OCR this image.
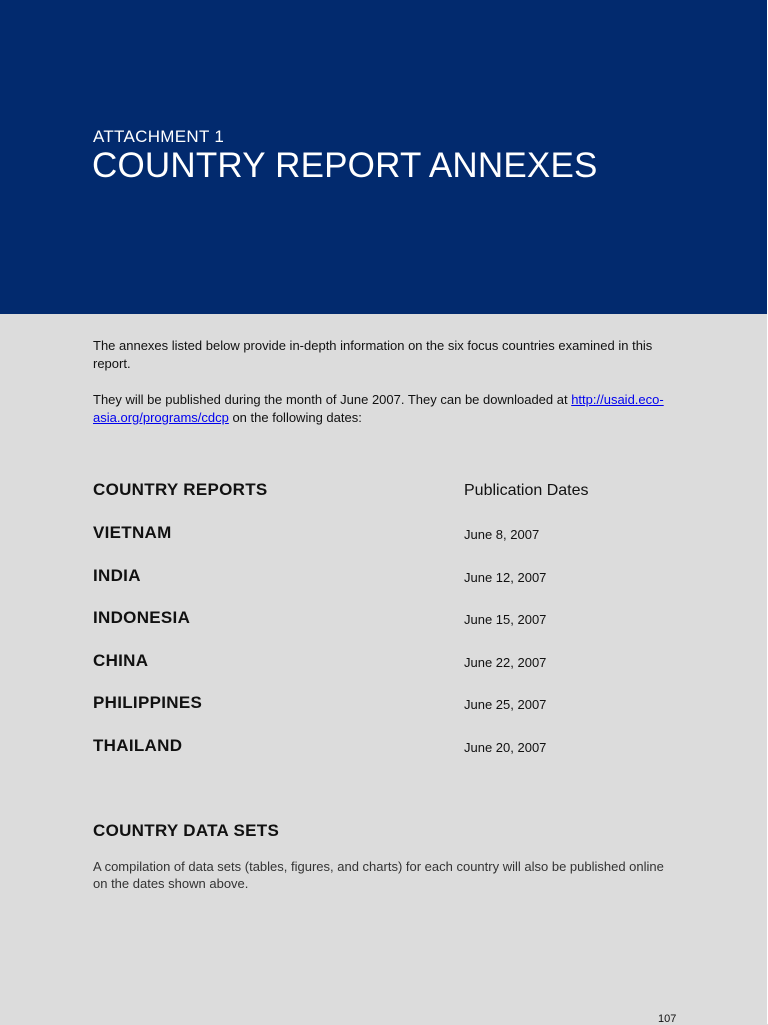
ATTACHMENT 1
COUNTRY REPORT ANNEXES

The annexes listed below provide in-depth information on the six focus countries examined in this report.

They will be published during the month of June 2007. They can be downloaded at http://usaid.eco-asia.org/programs/cdcp on the following dates:

COUNTRY REPORTS	Publication Dates
VIETNAM	June 8, 2007
INDIA	June 12, 2007
INDONESIA	June 15, 2007
CHINA	June 22, 2007
PHILIPPINES	June 25, 2007
THAILAND	June 20, 2007
COUNTRY DATA SETS

A compilation of data sets (tables, figures, and charts) for each country will also be published online on the dates shown above.

107
